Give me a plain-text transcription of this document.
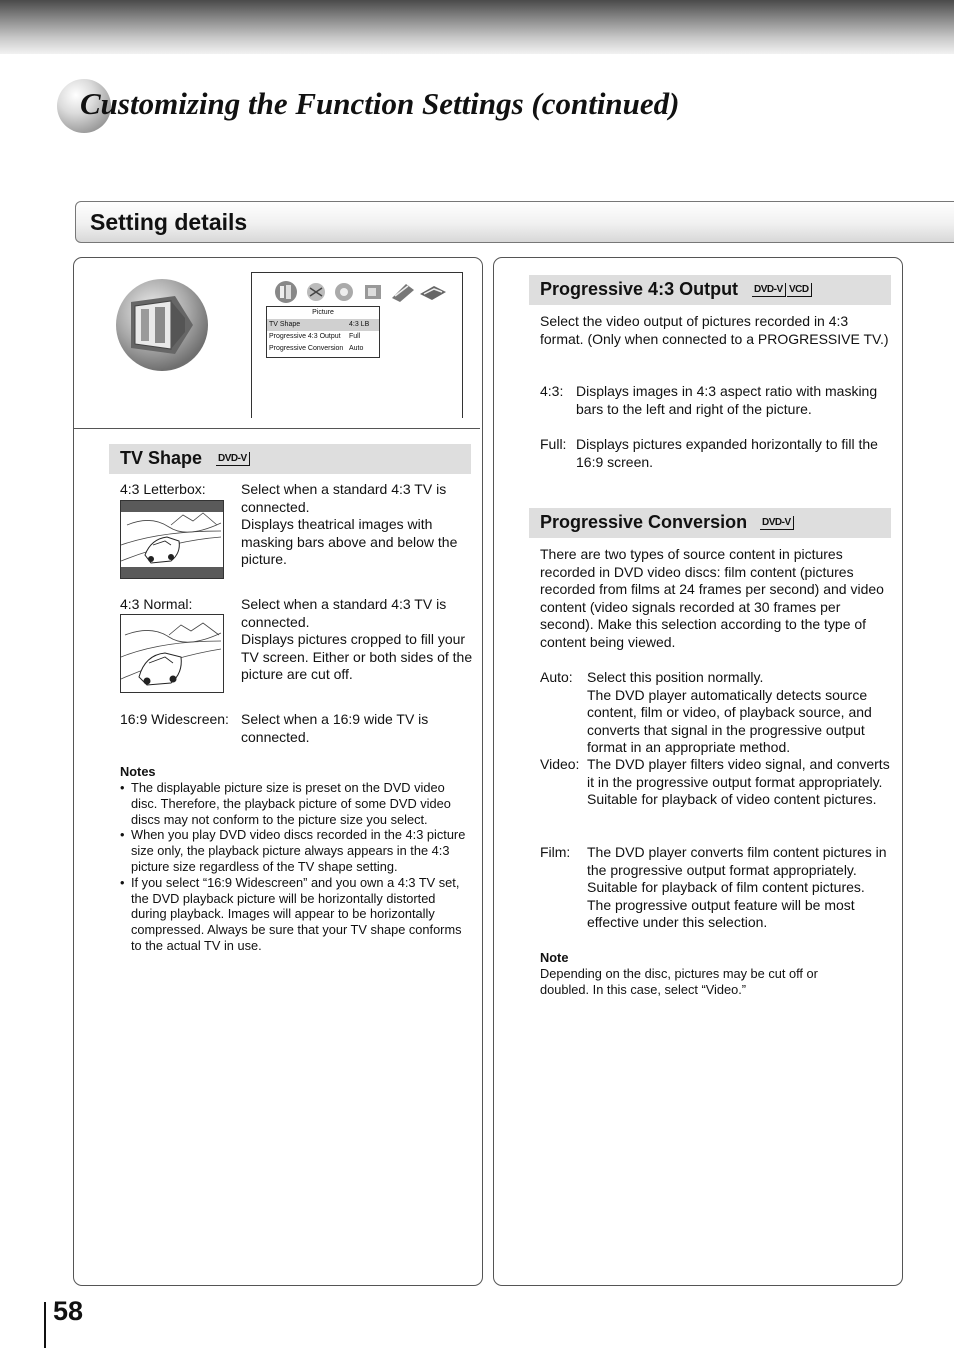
Customizing the Function Settings (continued)
Setting details
Picture
TV Shape	4:3 LB
Progressive 4:3 Output Full
Progressive Conversion Auto
TV Shape DVD-V
4:3 Letterbox:	Select when a standard 4:3 TV is connected.
Displays theatrical images with masking bars above and below the picture.
4:3 Normal:	Select when a standard 4:3 TV is connected.
Displays pictures cropped to fill your TV screen. Either or both sides of the picture are cut off.
16:9 Widescreen: Select when a 16:9 wide TV is connected.
Notes
• The displayable picture size is preset on the DVD video disc. Therefore, the playback picture of some DVD video discs may not conform to the picture size you select.
• When you play DVD video discs recorded in the 4:3 picture size only, the playback picture always appears in the 4:3 picture size regardless of the TV shape setting.
• If you select “16:9 Widescreen” and you own a 4:3 TV set, the DVD playback picture will be horizontally distorted during playback. Images will appear to be horizontally compressed. Always be sure that your TV shape conforms to the actual TV in use.
Progressive 4:3 Output DVD-V VCD
Select the video output of pictures recorded in 4:3 format. (Only when connected to a PROGRESSIVE TV.)
4:3: Displays images in 4:3 aspect ratio with masking bars to the left and right of the picture.
Full: Displays pictures expanded horizontally to fill the 16:9 screen.
Progressive Conversion DVD-V
There are two types of source content in pictures recorded in DVD video discs: film content (pictures recorded from films at 24 frames per second) and video content (video signals recorded at 30 frames per second). Make this selection according to the type of content being viewed.
Auto: Select this position normally.
The DVD player automatically detects source content, film or video, of playback source, and converts that signal in the progressive output format in an appropriate method.
Video: The DVD player filters video signal, and converts it in the progressive output format appropriately.
Suitable for playback of video content pictures.
Film: The DVD player converts film content pictures in the progressive output format appropriately.
Suitable for playback of film content pictures.
The progressive output feature will be most effective under this selection.
Note
Depending on the disc, pictures may be cut off or doubled. In this case, select “Video.”
58
